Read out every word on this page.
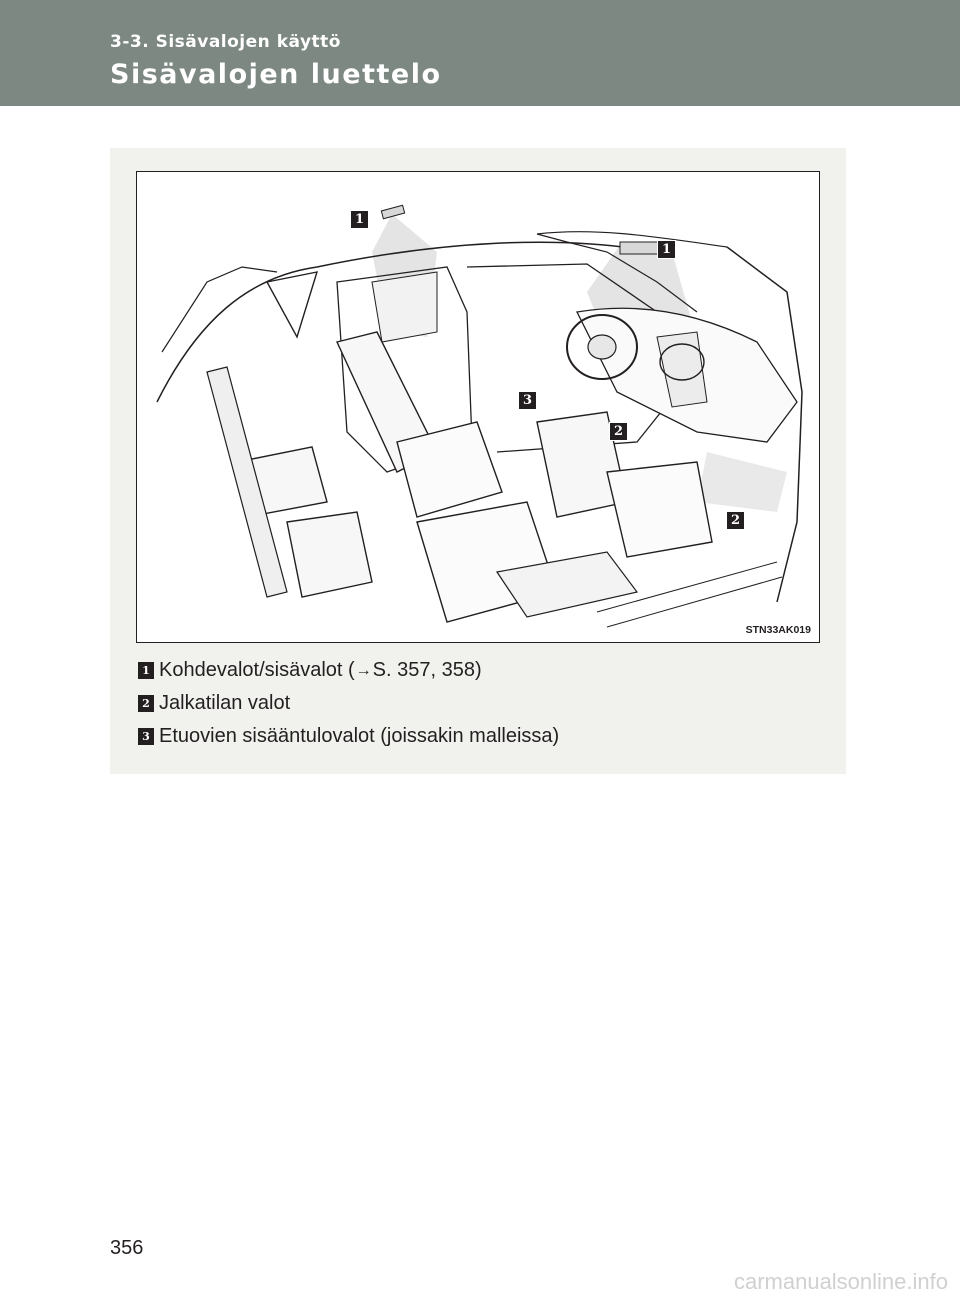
3-3. Sisävalojen käyttö
Sisävalojen luettelo
1
1
3
2
2
STN33AK019
1 Kohdevalot/sisävalot ( → S. 357, 358)
2 Jalkatilan valot
3 Etuovien sisääntulovalot (joissakin malleissa)
356
carmanualsonline.info
